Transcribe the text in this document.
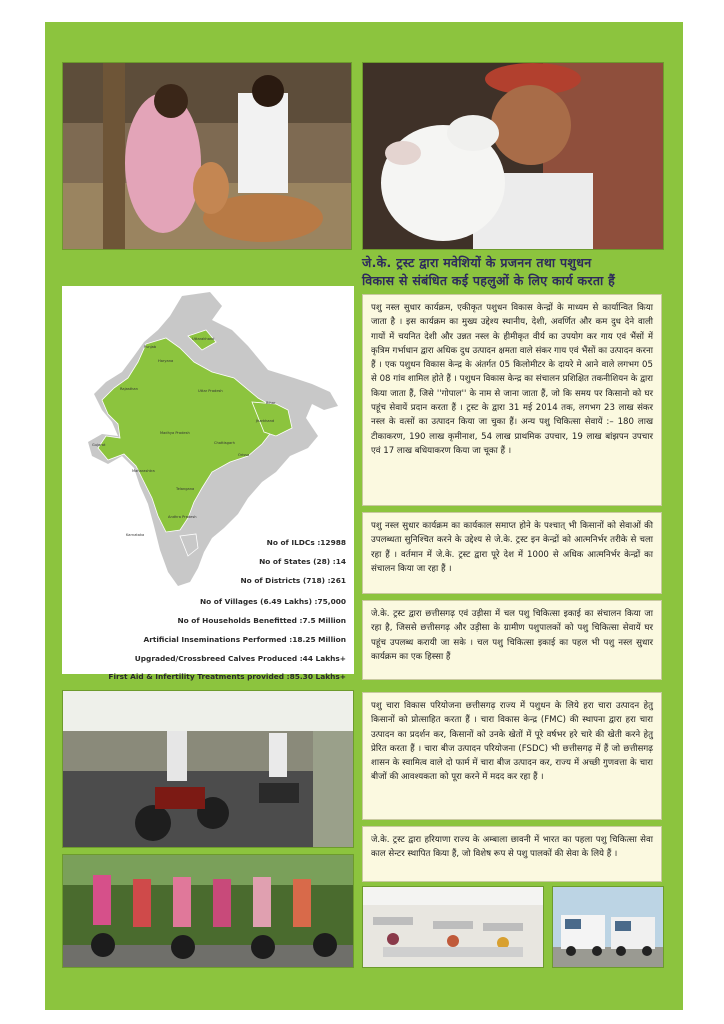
जे.के. ट्रस्ट द्वारा मवेशियों के प्रजनन तथा पशुधन
विकास से संबंधित कई पहलुओं के लिए कार्य करता हैं
पशु नस्ल सुधार कार्यक्रम, एकीकृत पशुधन विकास केन्द्रों के माध्यम से कार्यान्वित किया जाता है । इस कार्यक्रम का मुख्य उद्देश्य स्थानीय, देशी, अवर्णित और कम दुध देने वाली गायों में चयनित देशी और उन्नत नस्ल के हीमीकृत वीर्य का उपयोग कर गाय एवं भैंसों में कृत्रिम गर्भाधान द्वारा अधिक दुध उत्पादन क्षमता वाले संकर गाय एवं भैंसों का उत्पादन करना हैं । एक पशुधन विकास केन्द्र के अंतर्गत 05 किलोमीटर के दायरे मे आने वाले लगभग 05 से 08 गांव शामिल होते हैं । पशुधन विकास केन्द्र का संचालन प्रशिक्षित तकनीशियन के द्वारा किया जाता हैं, जिसे ''गोपाल'' के नाम से जाना जाता हैं, जो कि समय पर किसानो को घर पहूंच सेवायें प्रदान करता हैं । ट्रस्ट के द्वारा 31 मई 2014 तक, लगभग 23 लाख संकर नस्ल के वत्सों का उत्पादन किया जा चुका हैं। अन्य पशु चिकित्सा सेवायें :– 180 लाख टीकाकरण, 190 लाख कृमीनाश, 54 लाख प्राथमिक उपचार, 19 लाख बांझपन उपचार एवं 17 लाख बधियाकरण किया जा चूका हैं ।
Punjab
Uttarakhand
Haryana
Rajasthan
Bihar
Uttar Pradesh
Jharkhand
Madhya Pradesh
Gujarat	Chattisgarh
Orissa
Maharashtra
Telangana
Andhra Pradesh
Karnataka
No of ILDCs :12988
No of States (28) :14
No of Districts (718) :261
No of Villages (6.49 Lakhs) :75,000
No of Households Benefitted :7.5 Million
Artificial Inseminations Performed :18.25 Million
Upgraded/Crossbreed Calves Produced :44 Lakhs+
First Aid & Infertility Treatments provided :85.30 Lakhs+
पशु नस्ल सुधार कार्यक्रम का कार्यकाल समाप्त होने के पश्चात् भी किसानों को सेवाओं की उपलब्धता सुनिश्चित करने के उद्देश्य से जे.के. ट्रस्ट इन केन्द्रों को आत्मनिर्भर तरीके से चला रहा हैं । वर्तमान में जे.के. ट्रस्ट द्वारा पूरे देश में 1000 से अधिक आत्मनिर्भर केन्द्रों का संचालन किया जा रहा हैं ।
जे.के. ट्रस्ट द्वारा छत्तीसगढ़ एवं उड़ीसा में चल पशु चिकित्सा इकाई का संचालन किया जा रहा है, जिससे छत्तीसगढ़ और उड़ीसा के ग्रामीण पशुपालकों को पशु चिकित्सा सेवायें घर पहूंच उपलब्ध करायी जा सके । चल पशु चिकित्सा इकाई का पहल भी पशु नस्ल सुधार कार्यक्रम का एक हिस्सा हैं
पशु चारा विकास परियोजना छत्तीसगढ़ राज्य में पशुधन के लिये हरा चारा उत्पादन हेतु किसानों को प्रोत्साहित करता हैं । चारा विकास केन्द्र (FMC) की स्थापना द्वारा हरा चारा उत्पादन का प्रदर्शन कर, किसानों को उनके खेतों में पूरे वर्षभर हरे चारे की खेती करने हेतु प्रेरित करता हैं । चारा बीज उत्पादन परियोजना (FSDC) भी छत्तीसगढ़ में हैं जो छत्तीसगढ़ शासन के स्वामित्व वाले दो फार्म में चारा बीज उत्पादन कर, राज्य में अच्छी गुणवत्ता के चारा बीजों की आवश्यकता को पूरा करने में मदद कर रहा हैं ।
जे.के. ट्रस्ट द्वारा हरियाणा राज्य के अम्बाला छावनी में भारत का पहला पशु चिकित्सा सेवा काल सेन्टर स्थापित किया हैं, जो विशेष रूप से पशु पालकों की सेवा के लिये हैं ।
